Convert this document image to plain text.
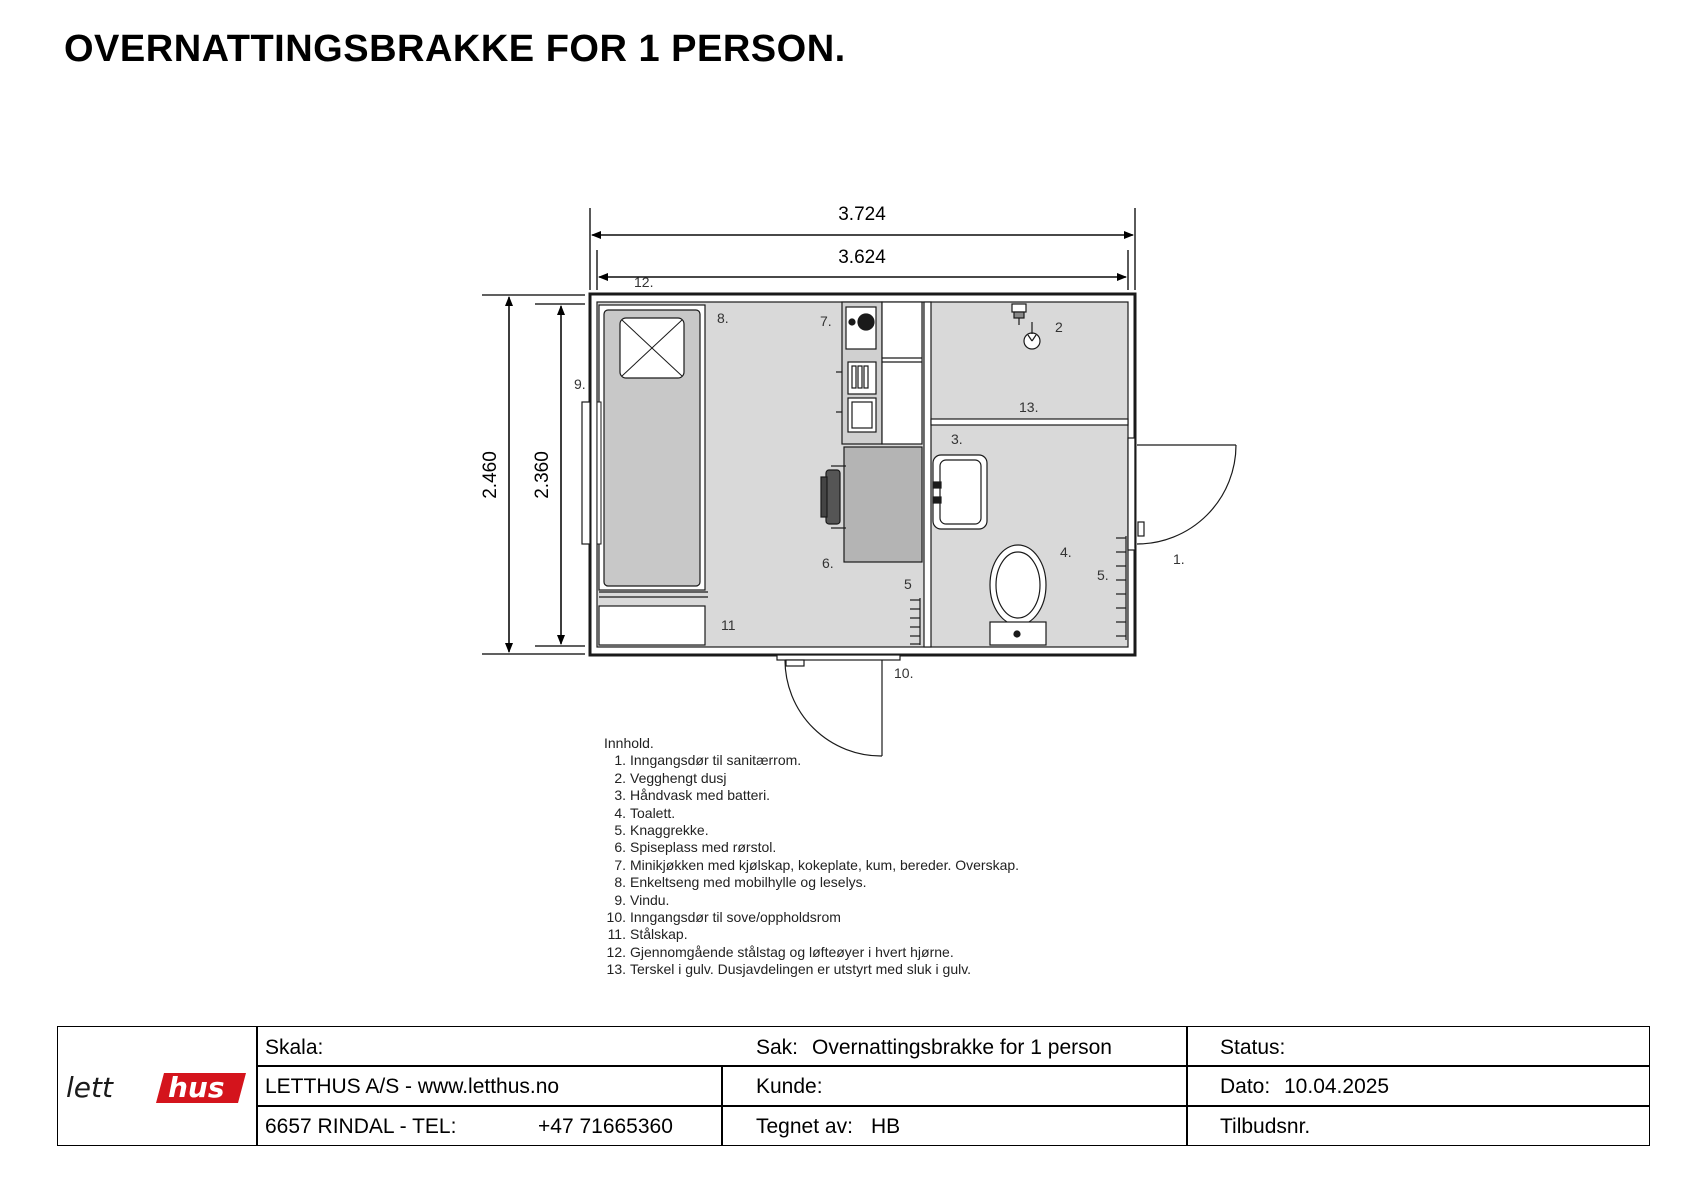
OVERNATTINGSBRAKKE FOR 1 PERSON.
3.724
3.624
2.460 2.360
1.
2
3.
4.
5
5.
6.
7.
8.
9.
10.
11
12.
13.
Innhold.
1. Inngangsdør til sanitærrom.
2. Vegghengt dusj
3. Håndvask med batteri.
4. Toalett.
5. Knaggrekke.
6. Spiseplass med rørstol.
7. Minikjøkken med kjølskap, kokeplate, kum, bereder. Overskap.
8. Enkeltseng med mobilhylle og leselys.
9. Vindu.
10. Inngangsdør til sove/oppholdsrom
11. Stålskap.
12. Gjennomgående stålstag og løfteøyer i hvert hjørne.
13. Terskel i gulv. Dusjavdelingen er utstyrt med sluk i gulv.
lett hus
Skala:
LETTHUS A/S - www.letthus.no
6657 RINDAL - TEL:	+47 71665360
Sak: Overnattingsbrakke for 1 person
Kunde:
Tegnet av: HB
Status:
Dato: 10.04.2025
Tilbudsnr.
